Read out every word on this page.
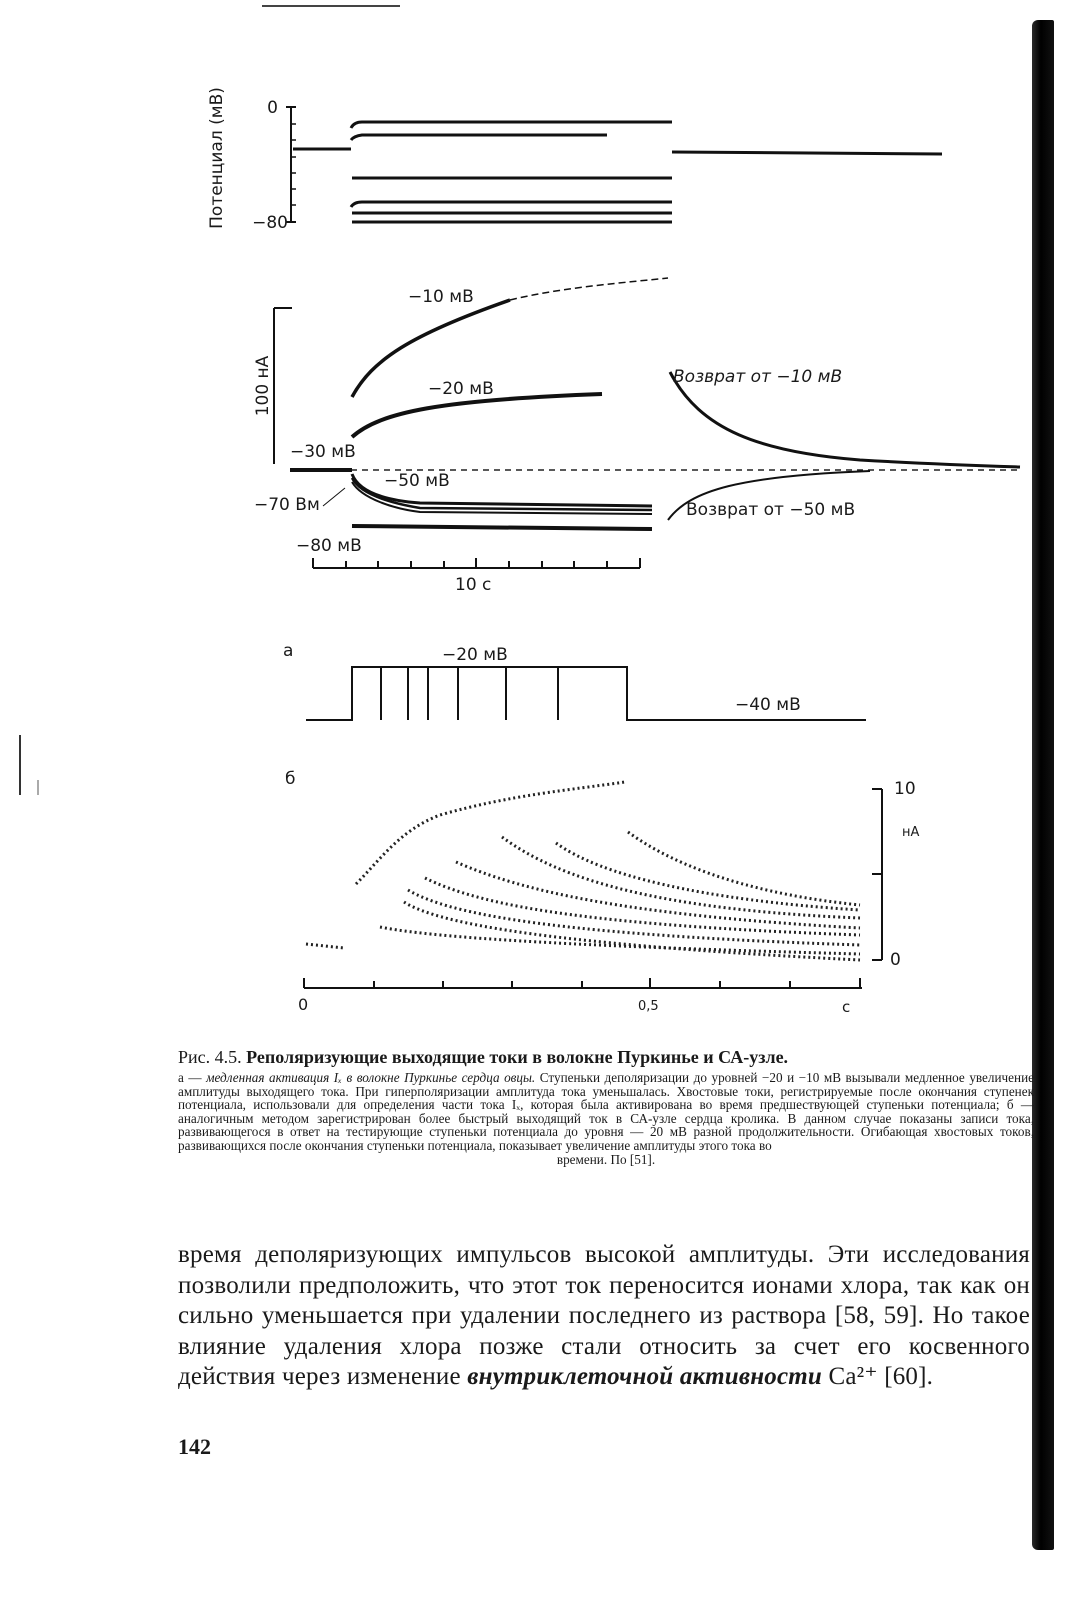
Потенциал (мВ) 0
−80
100 нА
−10 мВ
−20 мВ
−30 мВ
−50 мВ
−70 Вм
−80 мВ
Возврат от −10 мВ
Возврат от −50 мВ
10 с
а	−20 мВ
−40 мВ
б	10
нА
0
0	0,5	с
Рис. 4.5. Реполяризующие выходящие токи в волокне Пуркинье и СА-узле.
а — медленная активация Iₓ в волокне Пуркинье сердца овцы. Ступеньки деполяризации до уровней −20 и −10 мВ вызывали медленное увеличение амплитуды выходящего тока. При гиперполяризации амплитуда тока уменьшалась. Хвостовые токи, регистрируемые после окончания ступенек потенциала, использовали для определения части тока Iₓ, которая была активирована во время предшествующей ступеньки потенциала; б — аналогичным методом зарегистрирован более быстрый выходящий ток в СА-узле сердца кролика. В данном случае показаны записи тока, развивающегося в ответ на тестирующие ступеньки потенциала до уровня — 20 мВ разной продолжительности. Огибающая хвостовых токов, развивающихся после окончания ступеньки потенциала, показывает увеличение амплитуды этого тока во
времени. По [51].
время деполяризующих импульсов высокой амплитуды. Эти исследования позволили предположить, что этот ток переносится ионами хлора, так как он сильно уменьшается при удалении последнего из раствора [58, 59]. Но такое влияние удаления хлора позже стали относить за счет его косвенного действия через изменение внутриклеточной активности Ca²⁺ [60].
142
